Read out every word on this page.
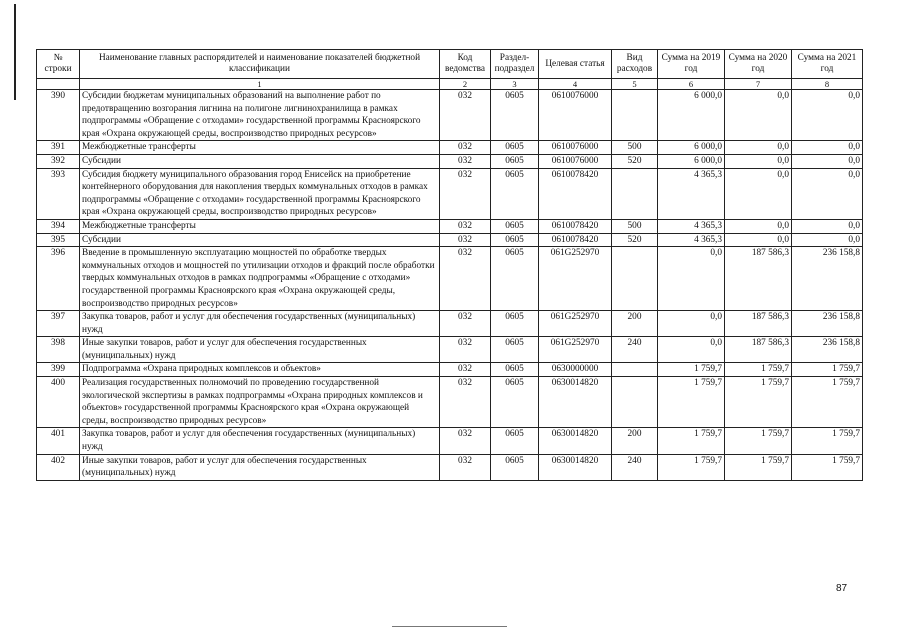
№ строки	Наименование главных распорядителей и наименование показателей бюджетной классификации	Код ведомства	Раздел-подраздел	Целевая статья	Вид расходов	Сумма на 2019 год	Сумма на 2020 год	Сумма на 2021 год
	1	2	3	4	5	6	7	8
390	Субсидии бюджетам муниципальных образований на выполнение работ по предотвращению возгорания лигнина на полигоне лигнинохранилища в рамках подпрограммы «Обращение с отходами» государственной программы Красноярского края «Охрана окружающей среды, воспроизводство природных ресурсов»	032	0605	0610076000		6 000,0	0,0	0,0
391	Межбюджетные трансферты	032	0605	0610076000	500	6 000,0	0,0	0,0
392	Субсидии	032	0605	0610076000	520	6 000,0	0,0	0,0
393	Субсидия бюджету муниципального образования город Енисейск на приобретение контейнерного оборудования для накопления твердых коммунальных отходов в рамках подпрограммы «Обращение с отходами» государственной программы Красноярского края «Охрана окружающей среды, воспроизводство природных ресурсов»	032	0605	0610078420		4 365,3	0,0	0,0
394	Межбюджетные трансферты	032	0605	0610078420	500	4 365,3	0,0	0,0
395	Субсидии	032	0605	0610078420	520	4 365,3	0,0	0,0
396	Введение в промышленную эксплуатацию мощностей по обработке твердых коммунальных отходов и мощностей по утилизации отходов и фракций после обработки твердых коммунальных отходов в рамках подпрограммы «Обращение с отходами» государственной программы Красноярского края «Охрана окружающей среды, воспроизводство природных ресурсов»	032	0605	061G252970		0,0	187 586,3	236 158,8
397	Закупка товаров, работ и услуг для обеспечения государственных (муниципальных) нужд	032	0605	061G252970	200	0,0	187 586,3	236 158,8
398	Иные закупки товаров, работ и услуг для обеспечения государственных (муниципальных) нужд	032	0605	061G252970	240	0,0	187 586,3	236 158,8
399	Подпрограмма «Охрана природных комплексов и объектов»	032	0605	0630000000		1 759,7	1 759,7	1 759,7
400	Реализация государственных полномочий по проведению государственной экологической экспертизы в рамках подпрограммы «Охрана природных комплексов и объектов» государственной программы Красноярского края «Охрана окружающей среды, воспроизводство природных ресурсов»	032	0605	0630014820		1 759,7	1 759,7	1 759,7
401	Закупка товаров, работ и услуг для обеспечения государственных (муниципальных) нужд	032	0605	0630014820	200	1 759,7	1 759,7	1 759,7
402	Иные закупки товаров, работ и услуг для обеспечения государственных (муниципальных) нужд	032	0605	0630014820	240	1 759,7	1 759,7	1 759,7
87
